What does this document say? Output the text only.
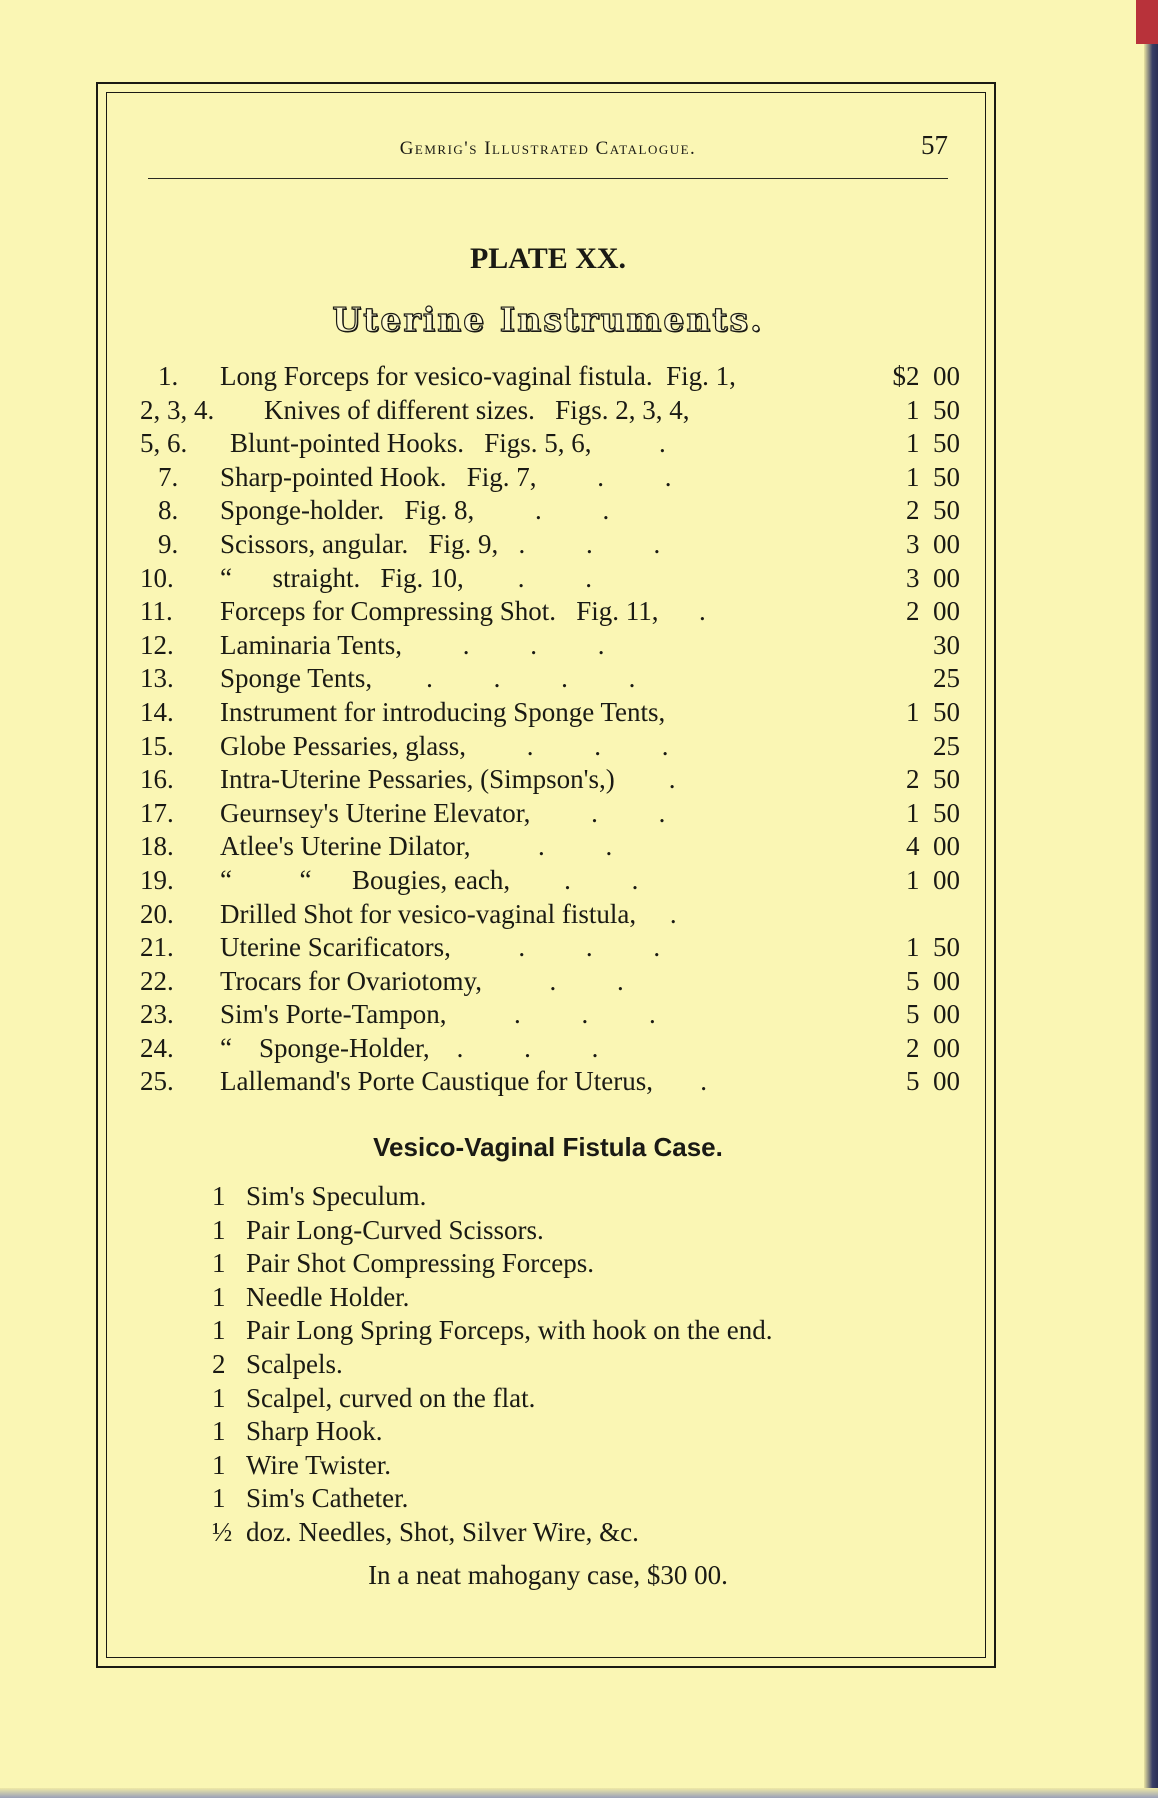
Gemrig's Illustrated Catalogue.	57
PLATE XX.
Uterine Instruments.
1. Long Forceps for vesico-vaginal fistula.  Fig. 1,	$2  00
2, 3, 4. Knives of different sizes.   Figs. 2, 3, 4,	1  50
5, 6. Blunt-pointed Hooks.   Figs. 5, 6,          .	1  50
7. Sharp-pointed Hook.   Fig. 7,         .         .	1  50
8. Sponge-holder.   Fig. 8,         .         .	2  50
9. Scissors, angular.   Fig. 9,   .         .         .	3  00
10. “      straight.   Fig. 10,        .         .	3  00
11. Forceps for Compressing Shot.   Fig. 11,      .	2  00
12. Laminaria Tents,         .         .         .	30
13. Sponge Tents,        .         .         .         .	25
14. Instrument for introducing Sponge Tents,	1  50
15. Globe Pessaries, glass,         .         .         .	25
16. Intra-Uterine Pessaries, (Simpson's,)        .	2  50
17. Geurnsey's Uterine Elevator,         .         .	1  50
18. Atlee's Uterine Dilator,          .         .	4  00
19. “          “      Bougies, each,        .         .	1  00
20. Drilled Shot for vesico-vaginal fistula,     .
21. Uterine Scarificators,          .         .         .	1  50
22. Trocars for Ovariotomy,          .         .	5  00
23. Sim's Porte-Tampon,          .         .         .	5  00
24. “    Sponge-Holder,    .         .         .	2  00
25. Lallemand's Porte Caustique for Uterus,       .	5  00
Vesico-Vaginal Fistula Case.
1 Sim's Speculum.
1 Pair Long-Curved Scissors.
1 Pair Shot Compressing Forceps.
1 Needle Holder.
1 Pair Long Spring Forceps, with hook on the end.
2 Scalpels.
1 Scalpel, curved on the flat.
1 Sharp Hook.
1 Wire Twister.
1 Sim's Catheter.
½ doz. Needles, Shot, Silver Wire, &c.
In a neat mahogany case, $30 00.
